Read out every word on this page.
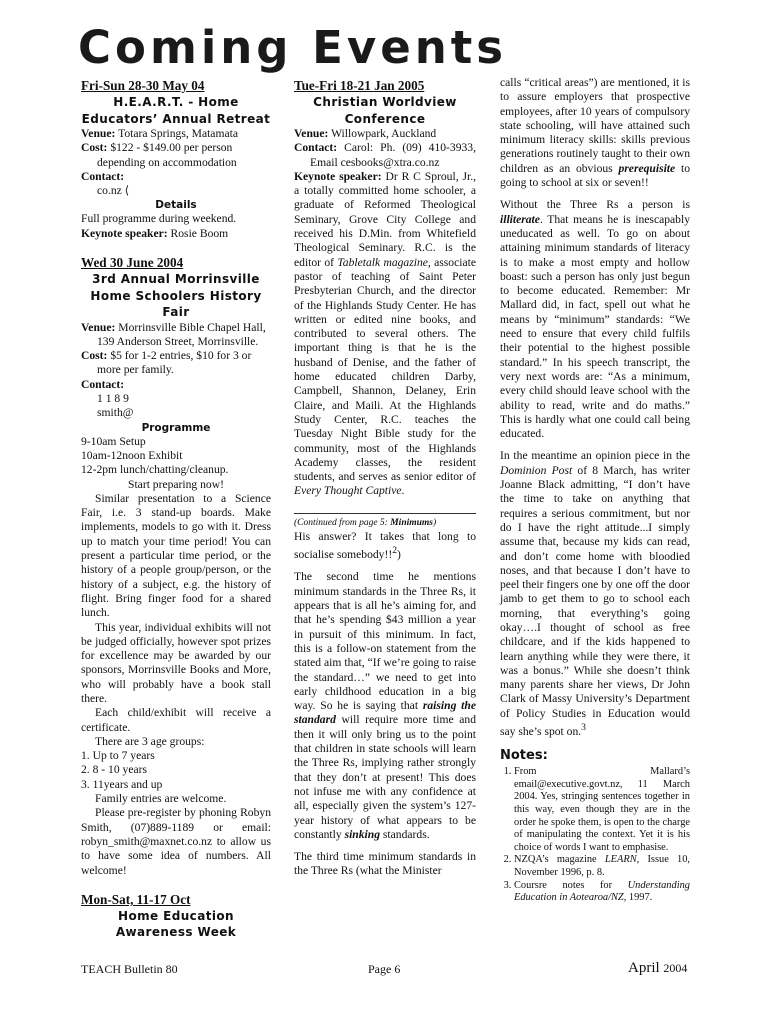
Coming Events

Fri-Sun 28-30 May 04

H.E.A.R.T. - Home Educators’ Annual Retreat

Venue: Totara Springs, Matamata

Cost: $122 - $149.00 per person depending on accommodation

Contact:

co.nz ⟨

Details

Full programme during weekend.

Keynote speaker: Rosie Boom

Wed 30 June 2004

3rd Annual Morrinsville Home Schoolers History Fair

Venue: Morrinsville Bible Chapel Hall, 139 Anderson Street, Morrinsville.

Cost: $5 for 1-2 entries, $10 for 3 or more per family.

Contact:

1 1 8 9

smith@

Programme

9-10am Setup

10am-12noon Exhibit

12-2pm lunch/chatting/cleanup.

Start preparing now!

Similar presentation to a Science Fair, i.e. 3 stand-up boards. Make implements, models to go with it. Dress up to match your time period! You can present a particular time period, or the history of a people group/person, or the history of a subject, e.g. the history of flight. Bring finger food for a shared lunch.

This year, individual exhibits will not be judged officially, however spot prizes for excellence may be awarded by our sponsors, Morrinsville Books and More, who will probably have a book stall there.

Each child/exhibit will receive a certificate.

There are 3 age groups:

1. Up to 7 years

2. 8 - 10 years

3. 11years and up

Family entries are welcome.

Please pre-register by phoning Robyn Smith, (07)889-1189 or email: robyn_smith@maxnet.co.nz to allow us to have some idea of numbers. All welcome!

Mon-Sat, 11-17 Oct

Home Education Awareness Week

Tue-Fri 18-21 Jan 2005

Christian Worldview Conference

Venue: Willowpark, Auckland

Contact: Carol: Ph. (09) 410-3933, Email cesbooks@xtra.co.nz

Keynote speaker: Dr R C Sproul, Jr., a totally committed home schooler, a graduate of Reformed Theological Seminary, Grove City College and received his D.Min. from Whitefield Theological Seminary. R.C. is the editor of Tabletalk magazine, associate pastor of teaching of Saint Peter Presbyterian Church, and the director of the Highlands Study Center. He has written or edited nine books, and contributed to several others. The important thing is that he is the husband of Denise, and the father of home educated children Darby, Campbell, Shannon, Delaney, Erin Claire, and Maili. At the Highlands Study Center, R.C. teaches the Tuesday Night Bible study for the community, most of the Highlands Academy classes, the resident students, and serves as senior editor of Every Thought Captive.

(Continued from page 5: Minimums)

His answer? It takes that long to socialise somebody!!$^2$)

The second time he mentions minimum standards in the Three Rs, it appears that is all he’s aiming for, and that he’s spending $43 million a year in pursuit of this minimum. In fact, this is a follow-on statement from the stated aim that, “If we’re going to raise the standard…” we need to get into early childhood education in a big way. So he is saying that raising the standard will require more time and then it will only bring us to the point that children in state schools will learn the Three Rs, implying rather strongly that they don’t at present! This does not infuse me with any confidence at all, especially given the system’s 127-year history of what appears to be constantly sinking standards.

The third time minimum standards in the Three Rs (what the Minister

calls “critical areas”) are mentioned, it is to assure employers that prospective employees, after 10 years of compulsory state schooling, will have attained such minimum literacy skills: skills previous generations routinely taught to their own children as an obvious prerequisite to going to school at six or seven!!

Without the Three Rs a person is illiterate. That means he is inescapably uneducated as well. To go on about attaining minimum standards of literacy is to make a most empty and hollow boast: such a person has only just begun to become educated. Remember: Mr Mallard did, in fact, spell out what he means by “minimum” standards: “We need to ensure that every child fulfils their potential to the highest possible standard.” In his speech transcript, the very next words are: “As a minimum, every child should leave school with the ability to read, write and do maths.” This is hardly what one could call being educated.

In the meantime an opinion piece in the Dominion Post of 8 March, has writer Joanne Black admitting, “I don’t have the time to take on anything that requires a serious commitment, but nor do I have the right attitude...I simply assume that, because my kids can read, and don’t come home with bloodied noses, and that because I don’t have to peel their fingers one by one off the door jamb to get them to go to school each morning, that everything’s going okay….I thought of school as free childcare, and if the kids happened to learn anything while they were there, it was a bonus.” While she doesn’t think many parents share her views, Dr John Clark of Massy University’s Department of Policy Studies in Education would say she’s spot on.$^3$

Notes:

1. From Mallard’s email@executive.govt.nz, 11 March 2004. Yes, stringing sentences together in this way, even though they are in the order he spoke them, is open to the charge of manipulating the context. Yet it is his choice of words I want to emphasise.
2. NZQA’s magazine LEARN, Issue 10, November 1996, p. 8.
3. Coursre notes for Understanding Education in Aotearoa/NZ, 1997.
TEACH Bulletin 80	Page 6	April 2004
